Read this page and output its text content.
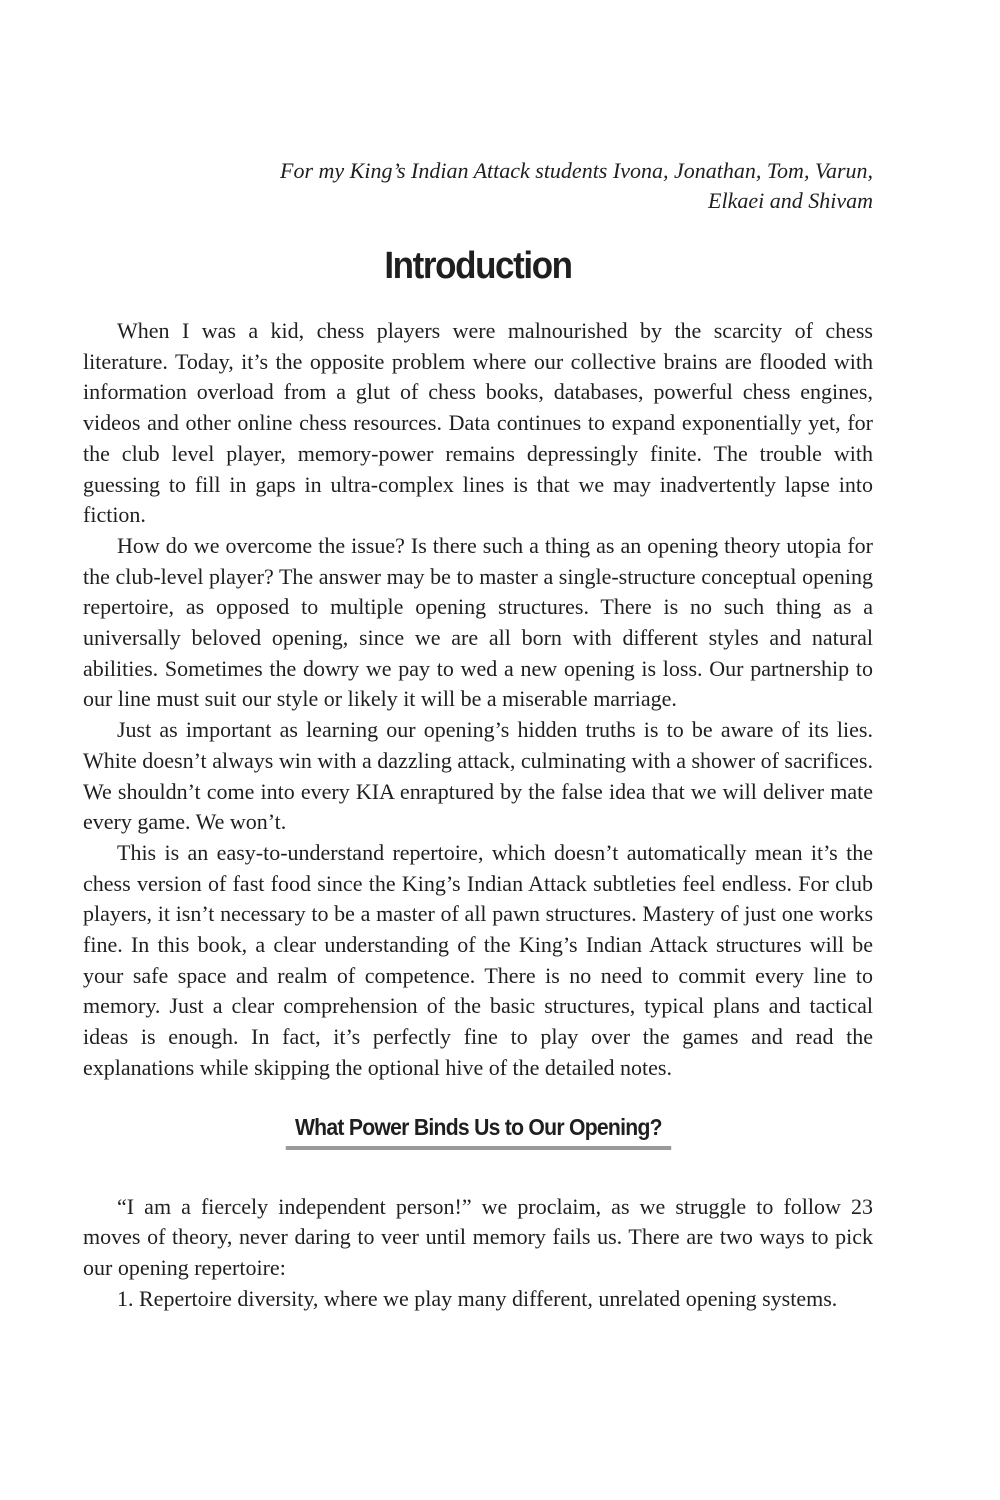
For my King’s Indian Attack students Ivona, Jonathan, Tom, Varun,
Elkaei and Shivam
Introduction

When I was a kid, chess players were malnourished by the scarcity of chess literature. Today, it’s the opposite problem where our collective brains are flooded with information overload from a glut of chess books, databases, powerful chess engines, videos and other online chess resources. Data continues to expand exponentially yet, for the club level player, memory-power remains depressingly finite. The trouble with guessing to fill in gaps in ultra-complex lines is that we may inadvertently lapse into fiction.

How do we overcome the issue? Is there such a thing as an opening theory utopia for the club-level player? The answer may be to master a single-structure conceptual opening repertoire, as opposed to multiple opening structures. There is no such thing as a universally beloved opening, since we are all born with different styles and natural abilities. Sometimes the dowry we pay to wed a new opening is loss. Our partnership to our line must suit our style or likely it will be a miserable marriage.

Just as important as learning our opening’s hidden truths is to be aware of its lies. White doesn’t always win with a dazzling attack, culminating with a shower of sacrifices. We shouldn’t come into every KIA enraptured by the false idea that we will deliver mate every game. We won’t.

This is an easy-to-understand repertoire, which doesn’t automatically mean it’s the chess version of fast food since the King’s Indian Attack subtleties feel endless. For club players, it isn’t necessary to be a master of all pawn structures. Mastery of just one works fine. In this book, a clear understanding of the King’s Indian Attack structures will be your safe space and realm of competence. There is no need to commit every line to memory. Just a clear comprehension of the basic structures, typical plans and tactical ideas is enough. In fact, it’s perfectly fine to play over the games and read the explanations while skipping the optional hive of the detailed notes.

What Power Binds Us to Our Opening?

“I am a fiercely independent person!” we proclaim, as we struggle to follow 23 moves of theory, never daring to veer until memory fails us. There are two ways to pick our opening repertoire:

1. Repertoire diversity, where we play many different, unrelated opening systems.
